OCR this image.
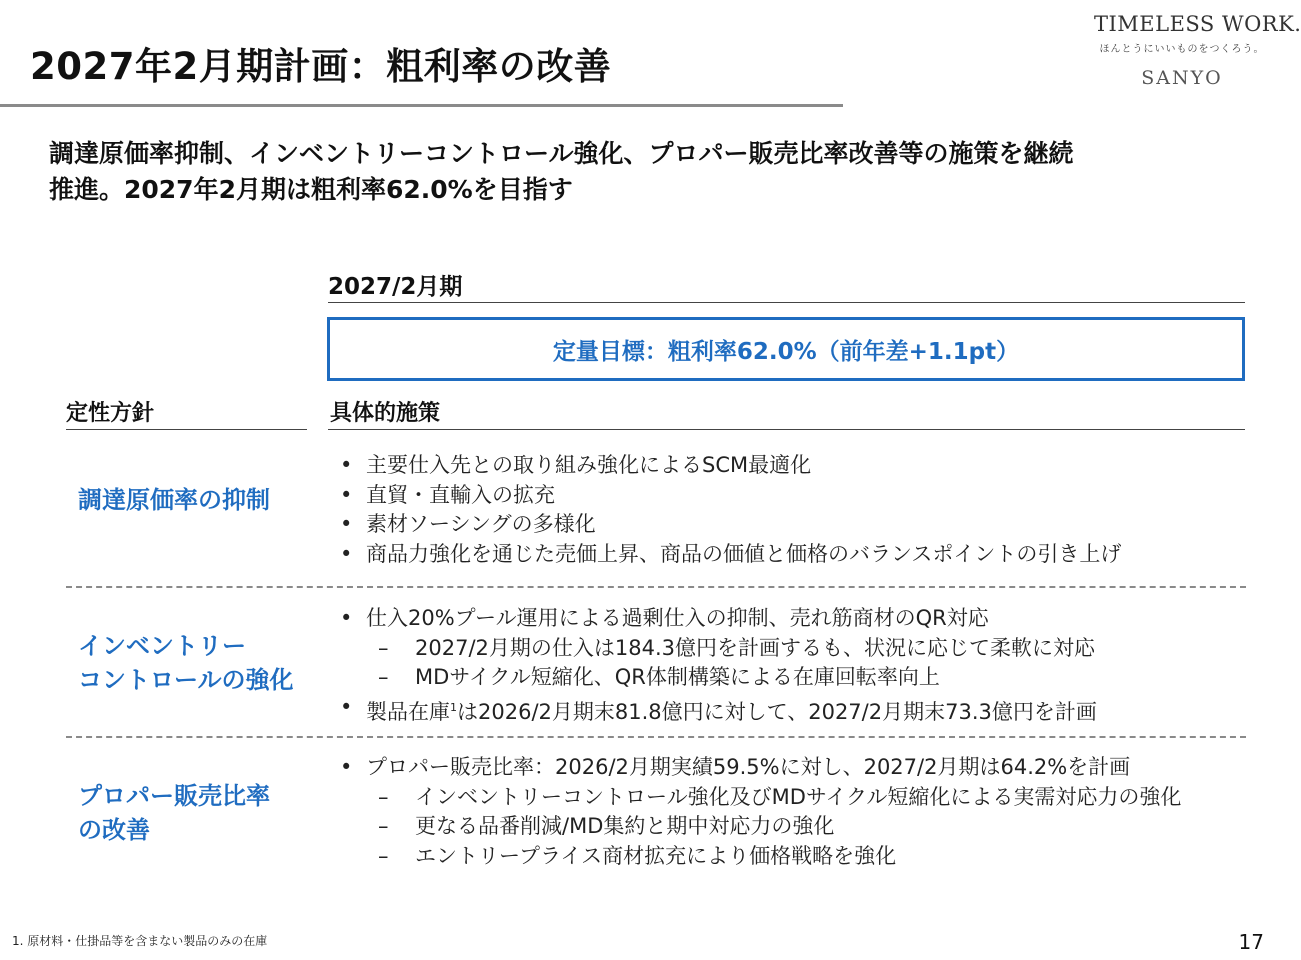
2027年2月期計画：粗利率の改善
TIMELESS WORK.
ほんとうにいいものをつくろう。
SANYO
調達原価率抑制、インベントリーコントロール強化、プロパー販売比率改善等の施策を継続
推進。2027年2月期は粗利率62.0%を目指す
2027/2月期
定量目標：粗利率62.0%（前年差+1.1pt）
定性方針	具体的施策
調達原価率の抑制
• 主要仕入先との取り組み強化によるSCM最適化
• 直貿・直輸入の拡充
• 素材ソーシングの多様化
• 商品力強化を通じた売価上昇、商品の価値と価格のバランスポイントの引き上げ
インベントリー
コントロールの強化
• 仕入20%プール運用による過剰仕入の抑制、売れ筋商材のQR対応
– 2027/2月期の仕入は184.3億円を計画するも、状況に応じて柔軟に対応
– MDサイクル短縮化、QR体制構築による在庫回転率向上
• 製品在庫$^1$は2026/2月期末81.8億円に対して、2027/2月期末73.3億円を計画
プロパー販売比率
の改善
• プロパー販売比率：2026/2月期実績59.5%に対し、2027/2月期は64.2%を計画
– インベントリーコントロール強化及びMDサイクル短縮化による実需対応力の強化
– 更なる品番削減/MD集約と期中対応力の強化
– エントリープライス商材拡充により価格戦略を強化
1. 原材料・仕掛品等を含まない製品のみの在庫	17
